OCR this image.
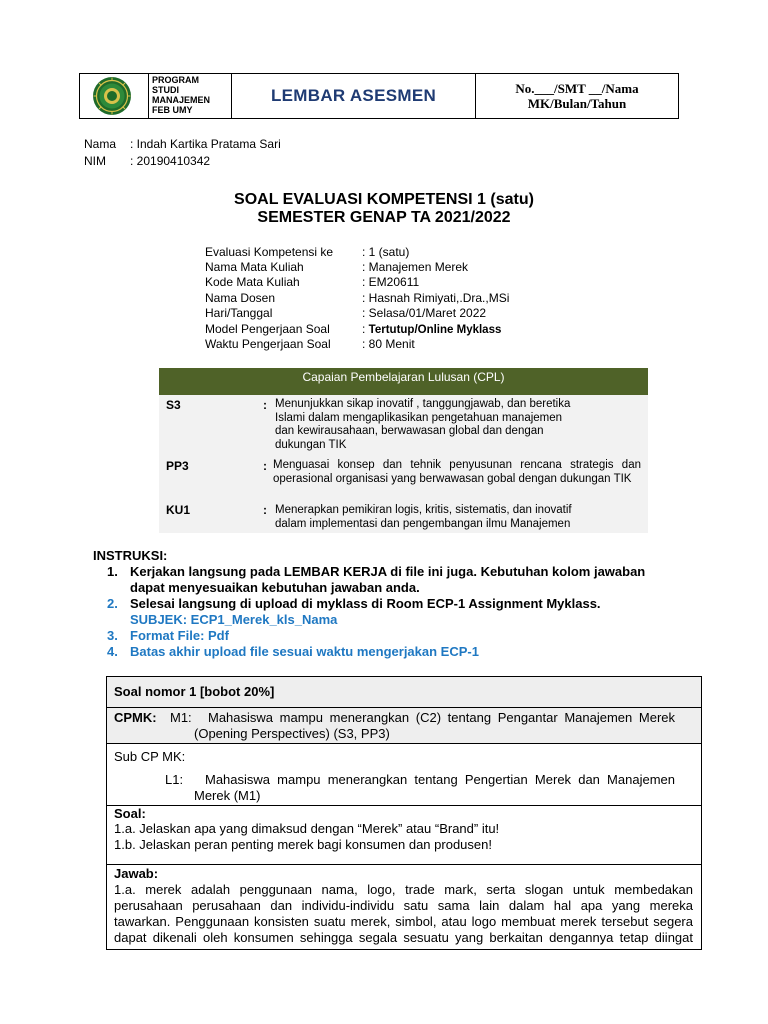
PROGRAM
STUDI
MANAJEMEN
FEB UMY
LEMBAR ASESMEN	No.___/SMT __/Nama
MK/Bulan/Tahun
Nama : Indah Kartika Pratama Sari
NIM : 20190410342
SOAL EVALUASI KOMPETENSI 1 (satu)
SEMESTER GENAP TA 2021/2022
Evaluasi Kompetensi ke : 1 (satu)
Nama Mata Kuliah	: Manajemen Merek
Kode Mata Kuliah	: EM20611
Nama Dosen	: Hasnah Rimiyati,.Dra.,MSi
Hari/Tanggal	: Selasa/01/Maret 2022
Model Pengerjaan Soal	: Tertutup/Online Myklass
Waktu Pengerjaan Soal	: 80 Menit
Capaian Pembelajaran Lulusan (CPL)
S3	: Menunjukkan sikap inovatif , tanggungjawab, dan beretika
Islami dalam mengaplikasikan pengetahuan manajemen
dan kewirausahaan, berwawasan global dan dengan
dukungan TIK
PP3	: Menguasai konsep dan tehnik penyusunan rencana strategis dan
operasional organisasi yang berwawasan gobal dengan dukungan TIK
KU1	: Menerapkan pemikiran logis, kritis, sistematis, dan inovatif
dalam implementasi dan pengembangan ilmu Manajemen
INSTRUKSI:
1. Kerjakan langsung pada LEMBAR KERJA di file ini juga. Kebutuhan kolom jawaban
dapat menyesuaikan kebutuhan jawaban anda.
2. Selesai langsung di upload di myklass di Room ECP-1 Assignment Myklass.
SUBJEK: ECP1_Merek_kls_Nama
3. Format File: Pdf
4. Batas akhir upload file sesuai waktu mengerjakan ECP-1
Soal nomor 1 [bobot 20%]
CPMK: M1: Mahasiswa mampu menerangkan (C2) tentang Pengantar Manajemen Merek
(Opening Perspectives) (S3, PP3)
Sub CP MK:
L1: Mahasiswa mampu menerangkan tentang Pengertian Merek dan Manajemen
Merek (M1)
Soal:
1.a. Jelaskan apa yang dimaksud dengan “Merek” atau “Brand” itu!
1.b. Jelaskan peran penting merek bagi konsumen dan produsen!
Jawab:
1.a. merek adalah penggunaan nama, logo, trade mark, serta slogan untuk membedakan
perusahaan perusahaan dan individu-individu satu sama lain dalam hal apa yang mereka
tawarkan. Penggunaan konsisten suatu merek, simbol, atau logo membuat merek tersebut segera
dapat dikenali oleh konsumen sehingga segala sesuatu yang berkaitan dengannya tetap diingat
